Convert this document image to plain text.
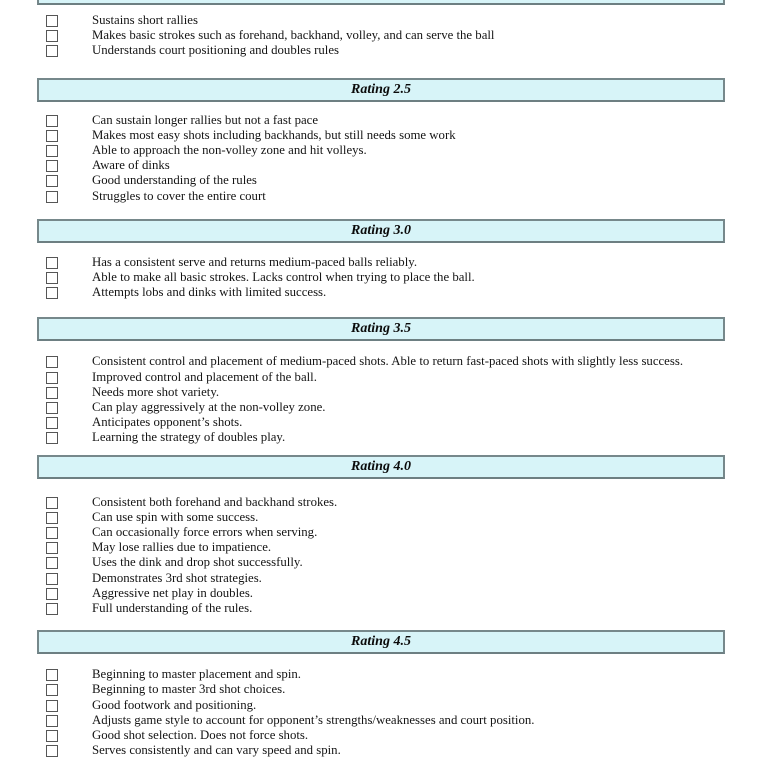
Sustains short rallies
Makes basic strokes such as forehand, backhand, volley, and can serve the ball
Understands court positioning and doubles rules
Rating 2.5
Can sustain longer rallies but not a fast pace
Makes most easy shots including backhands, but still needs some work
Able to approach the non-volley zone and hit volleys.
Aware of dinks
Good understanding of the rules
Struggles to cover the entire court
Rating 3.0
Has a consistent serve and returns medium-paced balls reliably.
Able to make all basic strokes. Lacks control when trying to place the ball.
Attempts lobs and dinks with limited success.
Rating 3.5
Consistent control and placement of medium-paced shots. Able to return fast-paced shots with slightly less success.
Improved control and placement of the ball.
Needs more shot variety.
Can play aggressively at the non-volley zone.
Anticipates opponent’s shots.
Learning the strategy of doubles play.
Rating 4.0
Consistent both forehand and backhand strokes.
Can use spin with some success.
Can occasionally force errors when serving.
May lose rallies due to impatience.
Uses the dink and drop shot successfully.
Demonstrates 3rd shot strategies.
Aggressive net play in doubles.
Full understanding of the rules.
Rating 4.5
Beginning to master placement and spin.
Beginning to master 3rd shot choices.
Good footwork and positioning.
Adjusts game style to account for opponent’s strengths/weaknesses and court position.
Good shot selection. Does not force shots.
Serves consistently and can vary speed and spin.
